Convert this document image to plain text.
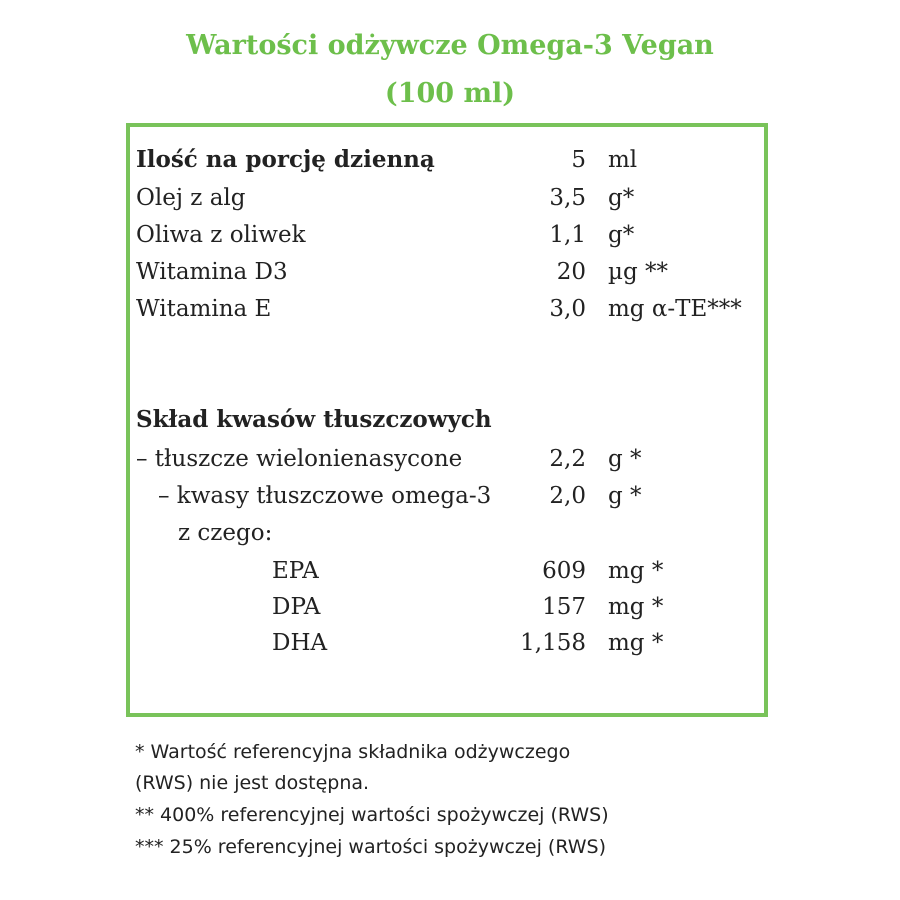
Wartości odżywcze Omega-3 Vegan
(100 ml)
Ilość na porcję dzienną	5 ml
Olej z alg	3,5 g*
Oliwa z oliwek	1,1 g*
Witamina D3	20 µg **
Witamina E	3,0 mg α-TE***
Skład kwasów tłuszczowych
– tłuszcze wielonienasycone	2,2 g *
– kwasy tłuszczowe omega-3	2,0 g *
z czego:
EPA	609 mg *
DPA	157 mg *
DHA	1,158 mg *
* Wartość referencyjna składnika odżywczego
(RWS) nie jest dostępna.
** 400% referencyjnej wartości spożywczej (RWS)
*** 25% referencyjnej wartości spożywczej (RWS)
